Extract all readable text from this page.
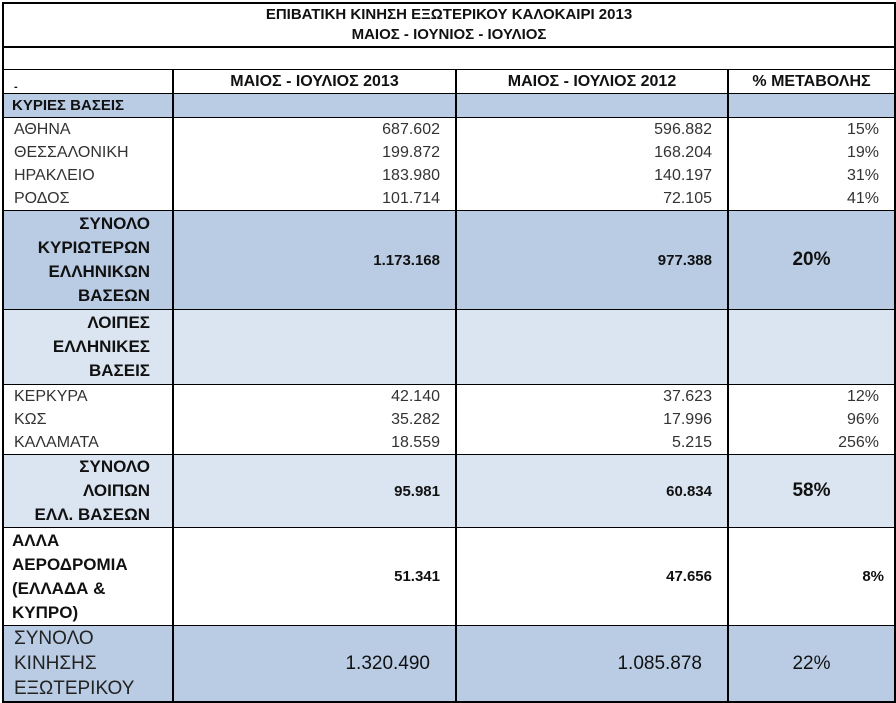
ΕΠΙΒΑΤΙΚΗ ΚΙΝΗΣΗ ΕΞΩΤΕΡΙΚΟΥ ΚΑΛΟΚΑΙΡΙ 2013
ΜΑΙΟΣ - ΙΟΥΝΙΟΣ - ΙΟΥΛΙΟΣ			

-	ΜΑΙΟΣ - ΙΟΥΛΙΟΣ 2013	ΜΑΙΟΣ - ΙΟΥΛΙΟΣ 2012	% ΜΕΤΑΒΟΛΗΣ
ΚΥΡΙΕΣ ΒΑΣΕΙΣ			
ΑΘΗΝΑ	687.602	596.882	15%
ΘΕΣΣΑΛΟΝΙΚΗ	199.872	168.204	19%
ΗΡΑΚΛΕΙΟ	183.980	140.197	31%
ΡΟΔΟΣ	101.714	72.105	41%

ΣΥΝΟΛΟ
ΚΥΡΙΩΤΕΡΩΝ
ΕΛΛΗΝΙΚΩΝ
ΒΑΣΕΩΝ	1.173.168	977.388	20%

ΛΟΙΠΕΣ
ΕΛΛΗΝΙΚΕΣ
ΒΑΣΕΙΣ			

ΚΕΡΚΥΡΑ	42.140	37.623	12%
ΚΩΣ	35.282	17.996	96%
ΚΑΛΑΜΑΤΑ	18.559	5.215	256%

ΣΥΝΟΛΟ
ΛΟΙΠΩΝ
ΕΛΛ. ΒΑΣΕΩΝ	95.981	60.834	58%

ΑΛΛΑ
ΑΕΡΟΔΡΟΜΙΑ
(ΕΛΛΑΔΑ &
ΚΥΠΡΟ)	51.341	47.656	8%

ΣΥΝΟΛΟ
ΚΙΝΗΣΗΣ
ΕΞΩΤΕΡΙΚΟΥ	1.320.490	1.085.878	22%
